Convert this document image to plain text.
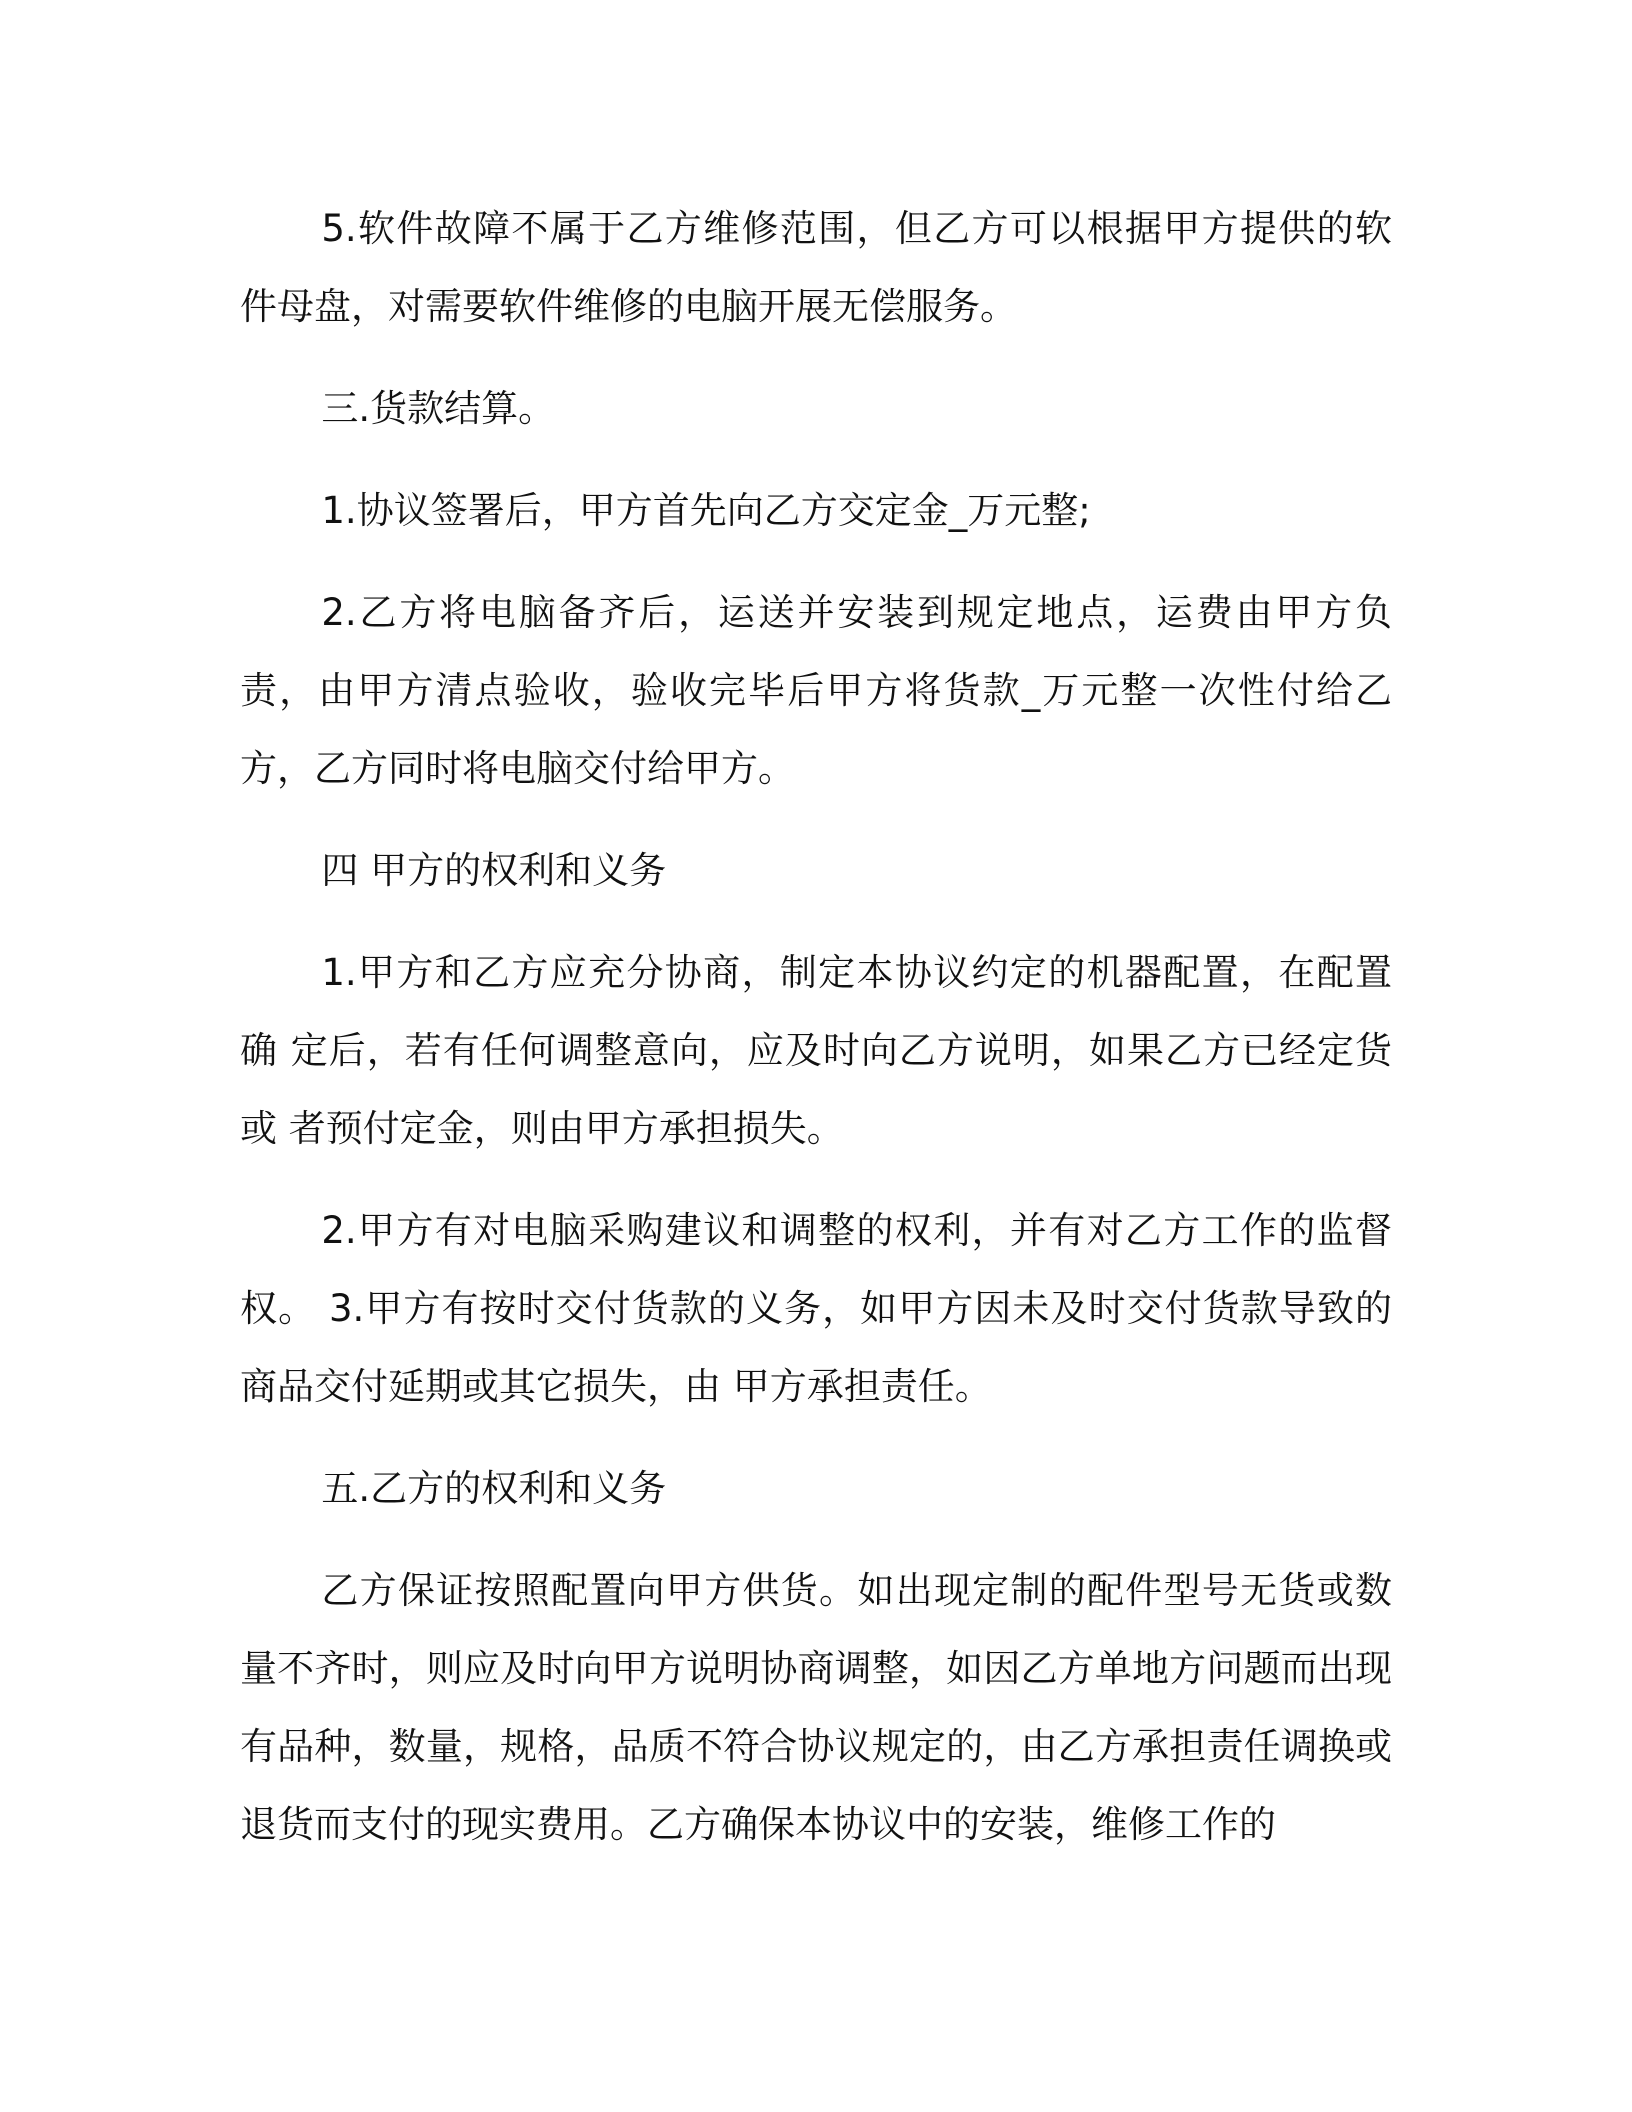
5.软件故障不属于乙方维修范围，但乙方可以根据甲方提供的软件母盘，对需要软件维修的电脑开展无偿服务。

三.货款结算。

1.协议签署后，甲方首先向乙方交定金_万元整;

2.乙方将电脑备齐后，运送并安装到规定地点，运费由甲方负责，由甲方清点验收，验收完毕后甲方将货款_万元整一次性付给乙方，乙方同时将电脑交付给甲方。

四 甲方的权利和义务

1.甲方和乙方应充分协商，制定本协议约定的机器配置，在配置确 定后，若有任何调整意向，应及时向乙方说明，如果乙方已经定货或 者预付定金，则由甲方承担损失。

2.甲方有对电脑采购建议和调整的权利，并有对乙方工作的监督权。 3.甲方有按时交付货款的义务，如甲方因未及时交付货款导致的商品交付延期或其它损失，由 甲方承担责任。

五.乙方的权利和义务

乙方保证按照配置向甲方供货。如出现定制的配件型号无货或数量不齐时，则应及时向甲方说明协商调整，如因乙方单地方问题而出现有品种，数量，规格，品质不符合协议规定的，由乙方承担责任调换或退货而支付的现实费用。乙方确保本协议中的安装，维修工作的
